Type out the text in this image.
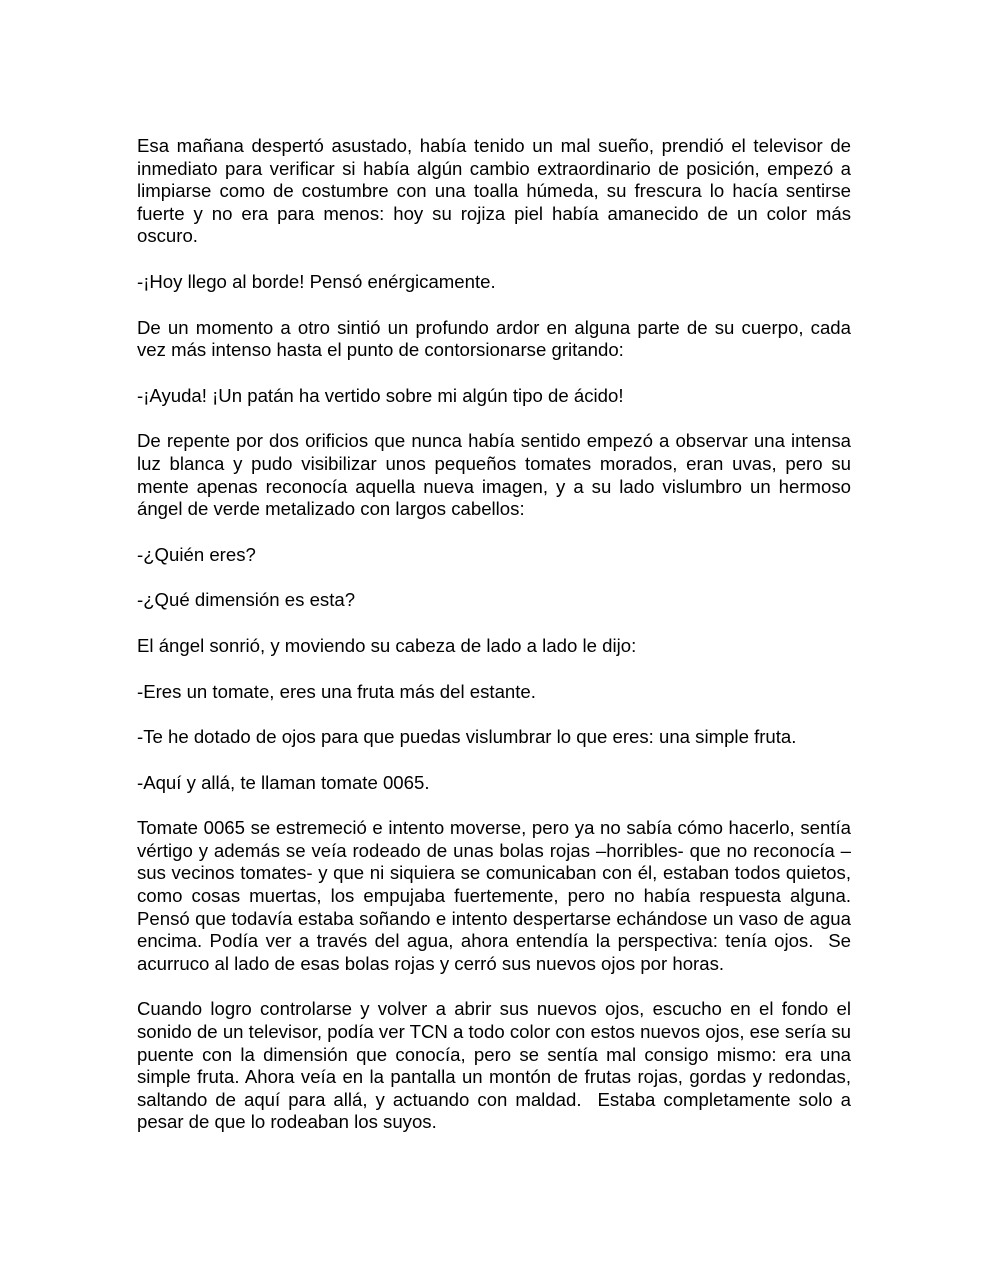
Esa mañana despertó asustado, había tenido un mal sueño, prendió el televisor de inmediato para verificar si había algún cambio extraordinario de posición, empezó a limpiarse como de costumbre con una toalla húmeda, su frescura lo hacía sentirse fuerte y no era para menos: hoy su rojiza piel había amanecido de un color más oscuro.

-¡Hoy llego al borde! Pensó enérgicamente.

De un momento a otro sintió un profundo ardor en alguna parte de su cuerpo, cada vez más intenso hasta el punto de contorsionarse gritando:

-¡Ayuda! ¡Un patán ha vertido sobre mi algún tipo de ácido!

De repente por dos orificios que nunca había sentido empezó a observar una intensa luz blanca y pudo visibilizar unos pequeños tomates morados, eran uvas, pero su mente apenas reconocía aquella nueva imagen, y a su lado vislumbro un hermoso ángel de verde metalizado con largos cabellos:

-¿Quién eres?

-¿Qué dimensión es esta?

El ángel sonrió, y moviendo su cabeza de lado a lado le dijo:

-Eres un tomate, eres una fruta más del estante.

-Te he dotado de ojos para que puedas vislumbrar lo que eres: una simple fruta.

-Aquí y allá, te llaman tomate 0065.

Tomate 0065 se estremeció e intento moverse, pero ya no sabía cómo hacerlo, sentía vértigo y además se veía rodeado de unas bolas rojas –horribles- que no reconocía –sus vecinos tomates- y que ni siquiera se comunicaban con él, estaban todos quietos, como cosas muertas, los empujaba fuertemente, pero no había respuesta alguna. Pensó que todavía estaba soñando e intento despertarse echándose un vaso de agua encima. Podía ver a través del agua, ahora entendía la perspectiva: tenía ojos.  Se acurruco al lado de esas bolas rojas y cerró sus nuevos ojos por horas.

Cuando logro controlarse y volver a abrir sus nuevos ojos, escucho en el fondo el sonido de un televisor, podía ver TCN a todo color con estos nuevos ojos, ese sería su puente con la dimensión que conocía, pero se sentía mal consigo mismo: era una simple fruta. Ahora veía en la pantalla un montón de frutas rojas, gordas y redondas, saltando de aquí para allá, y actuando con maldad.  Estaba completamente solo a pesar de que lo rodeaban los suyos.
